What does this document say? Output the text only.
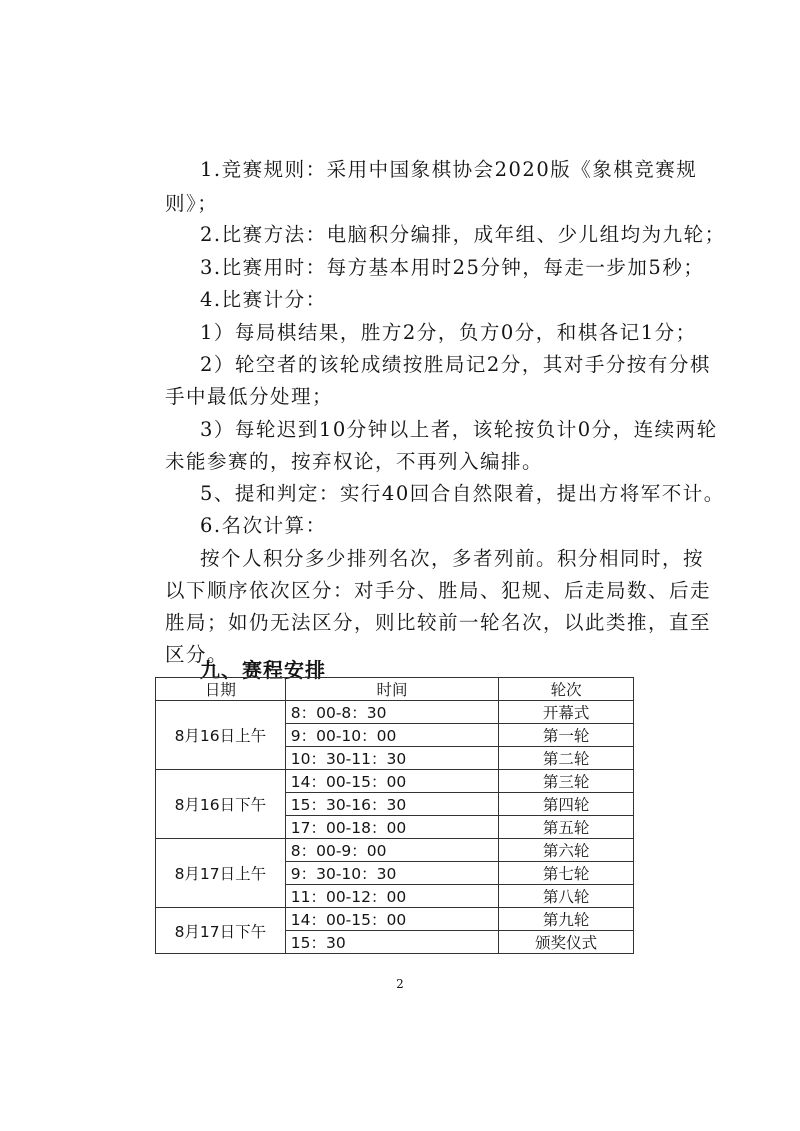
1.竞赛规则：采用中国象棋协会2020版《象棋竞赛规
则》；
2.比赛方法：电脑积分编排，成年组、少儿组均为九轮；
3.比赛用时：每方基本用时25分钟，每走一步加5秒；
4.比赛计分：
1）每局棋结果，胜方2分，负方0分，和棋各记1分；
2）轮空者的该轮成绩按胜局记2分，其对手分按有分棋
手中最低分处理；
3）每轮迟到10分钟以上者，该轮按负计0分，连续两轮
未能参赛的，按弃权论，不再列入编排。
5、提和判定：实行40回合自然限着，提出方将军不计。
6.名次计算：
按个人积分多少排列名次，多者列前。积分相同时，按
以下顺序依次区分：对手分、胜局、犯规、后走局数、后走
胜局；如仍无法区分，则比较前一轮名次，以此类推，直至
区分。
九、赛程安排
日期	时间	轮次
8月16日上午	8：00-8：30	开幕式
	9：00-10：00	第一轮
	10：30-11：30	第二轮
8月16日下午	14：00-15：00	第三轮
	15：30-16：30	第四轮
	17：00-18：00	第五轮
8月17日上午	8：00-9：00	第六轮
	9：30-10：30	第七轮
	11：00-12：00	第八轮
8月17日下午	14：00-15：00	第九轮
	15：30	颁奖仪式
2
